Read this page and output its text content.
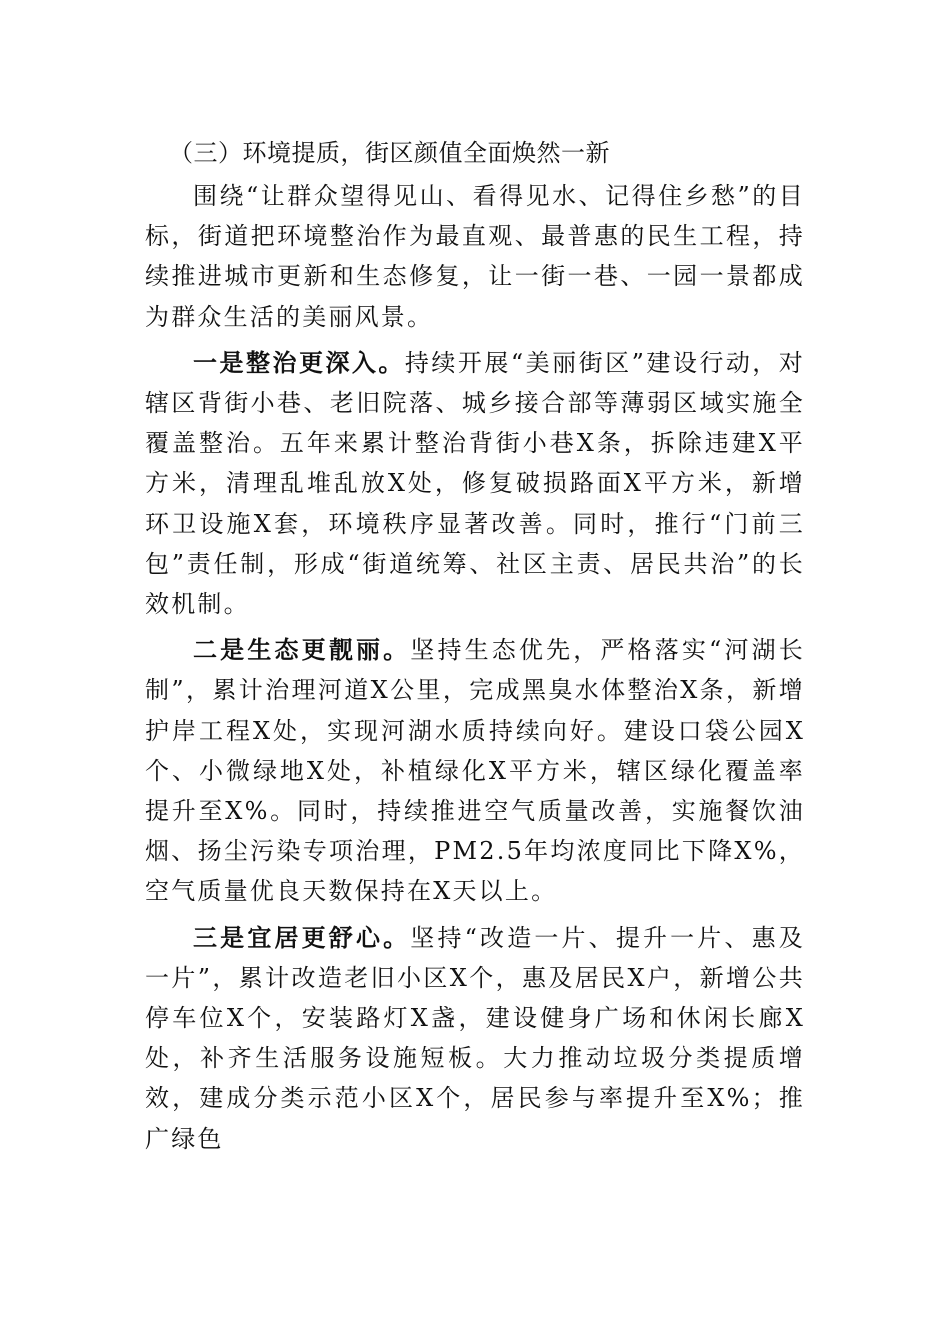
（三）环境提质，街区颜值全面焕然一新

围绕“让群众望得见山、看得见水、记得住乡愁”的目标，街道把环境整治作为最直观、最普惠的民生工程，持续推进城市更新和生态修复，让一街一巷、一园一景都成为群众生活的美丽风景。

一是整治更深入。持续开展“美丽街区”建设行动，对辖区背街小巷、老旧院落、城乡接合部等薄弱区域实施全覆盖整治。五年来累计整治背街小巷X条，拆除违建X平方米，清理乱堆乱放X处，修复破损路面X平方米，新增环卫设施X套，环境秩序显著改善。同时，推行“门前三包”责任制，形成“街道统筹、社区主责、居民共治”的长效机制。

二是生态更靓丽。坚持生态优先，严格落实“河湖长制”，累计治理河道X公里，完成黑臭水体整治X条，新增护岸工程X处，实现河湖水质持续向好。建设口袋公园X个、小微绿地X处，补植绿化X平方米，辖区绿化覆盖率提升至X%。同时，持续推进空气质量改善，实施餐饮油烟、扬尘污染专项治理，PM2.5年均浓度同比下降X%，空气质量优良天数保持在X天以上。

三是宜居更舒心。坚持“改造一片、提升一片、惠及一片”，累计改造老旧小区X个，惠及居民X户，新增公共停车位X个，安装路灯X盏，建设健身广场和休闲长廊X处，补齐生活服务设施短板。大力推动垃圾分类提质增效，建成分类示范小区X个，居民参与率提升至X%；推广绿色
